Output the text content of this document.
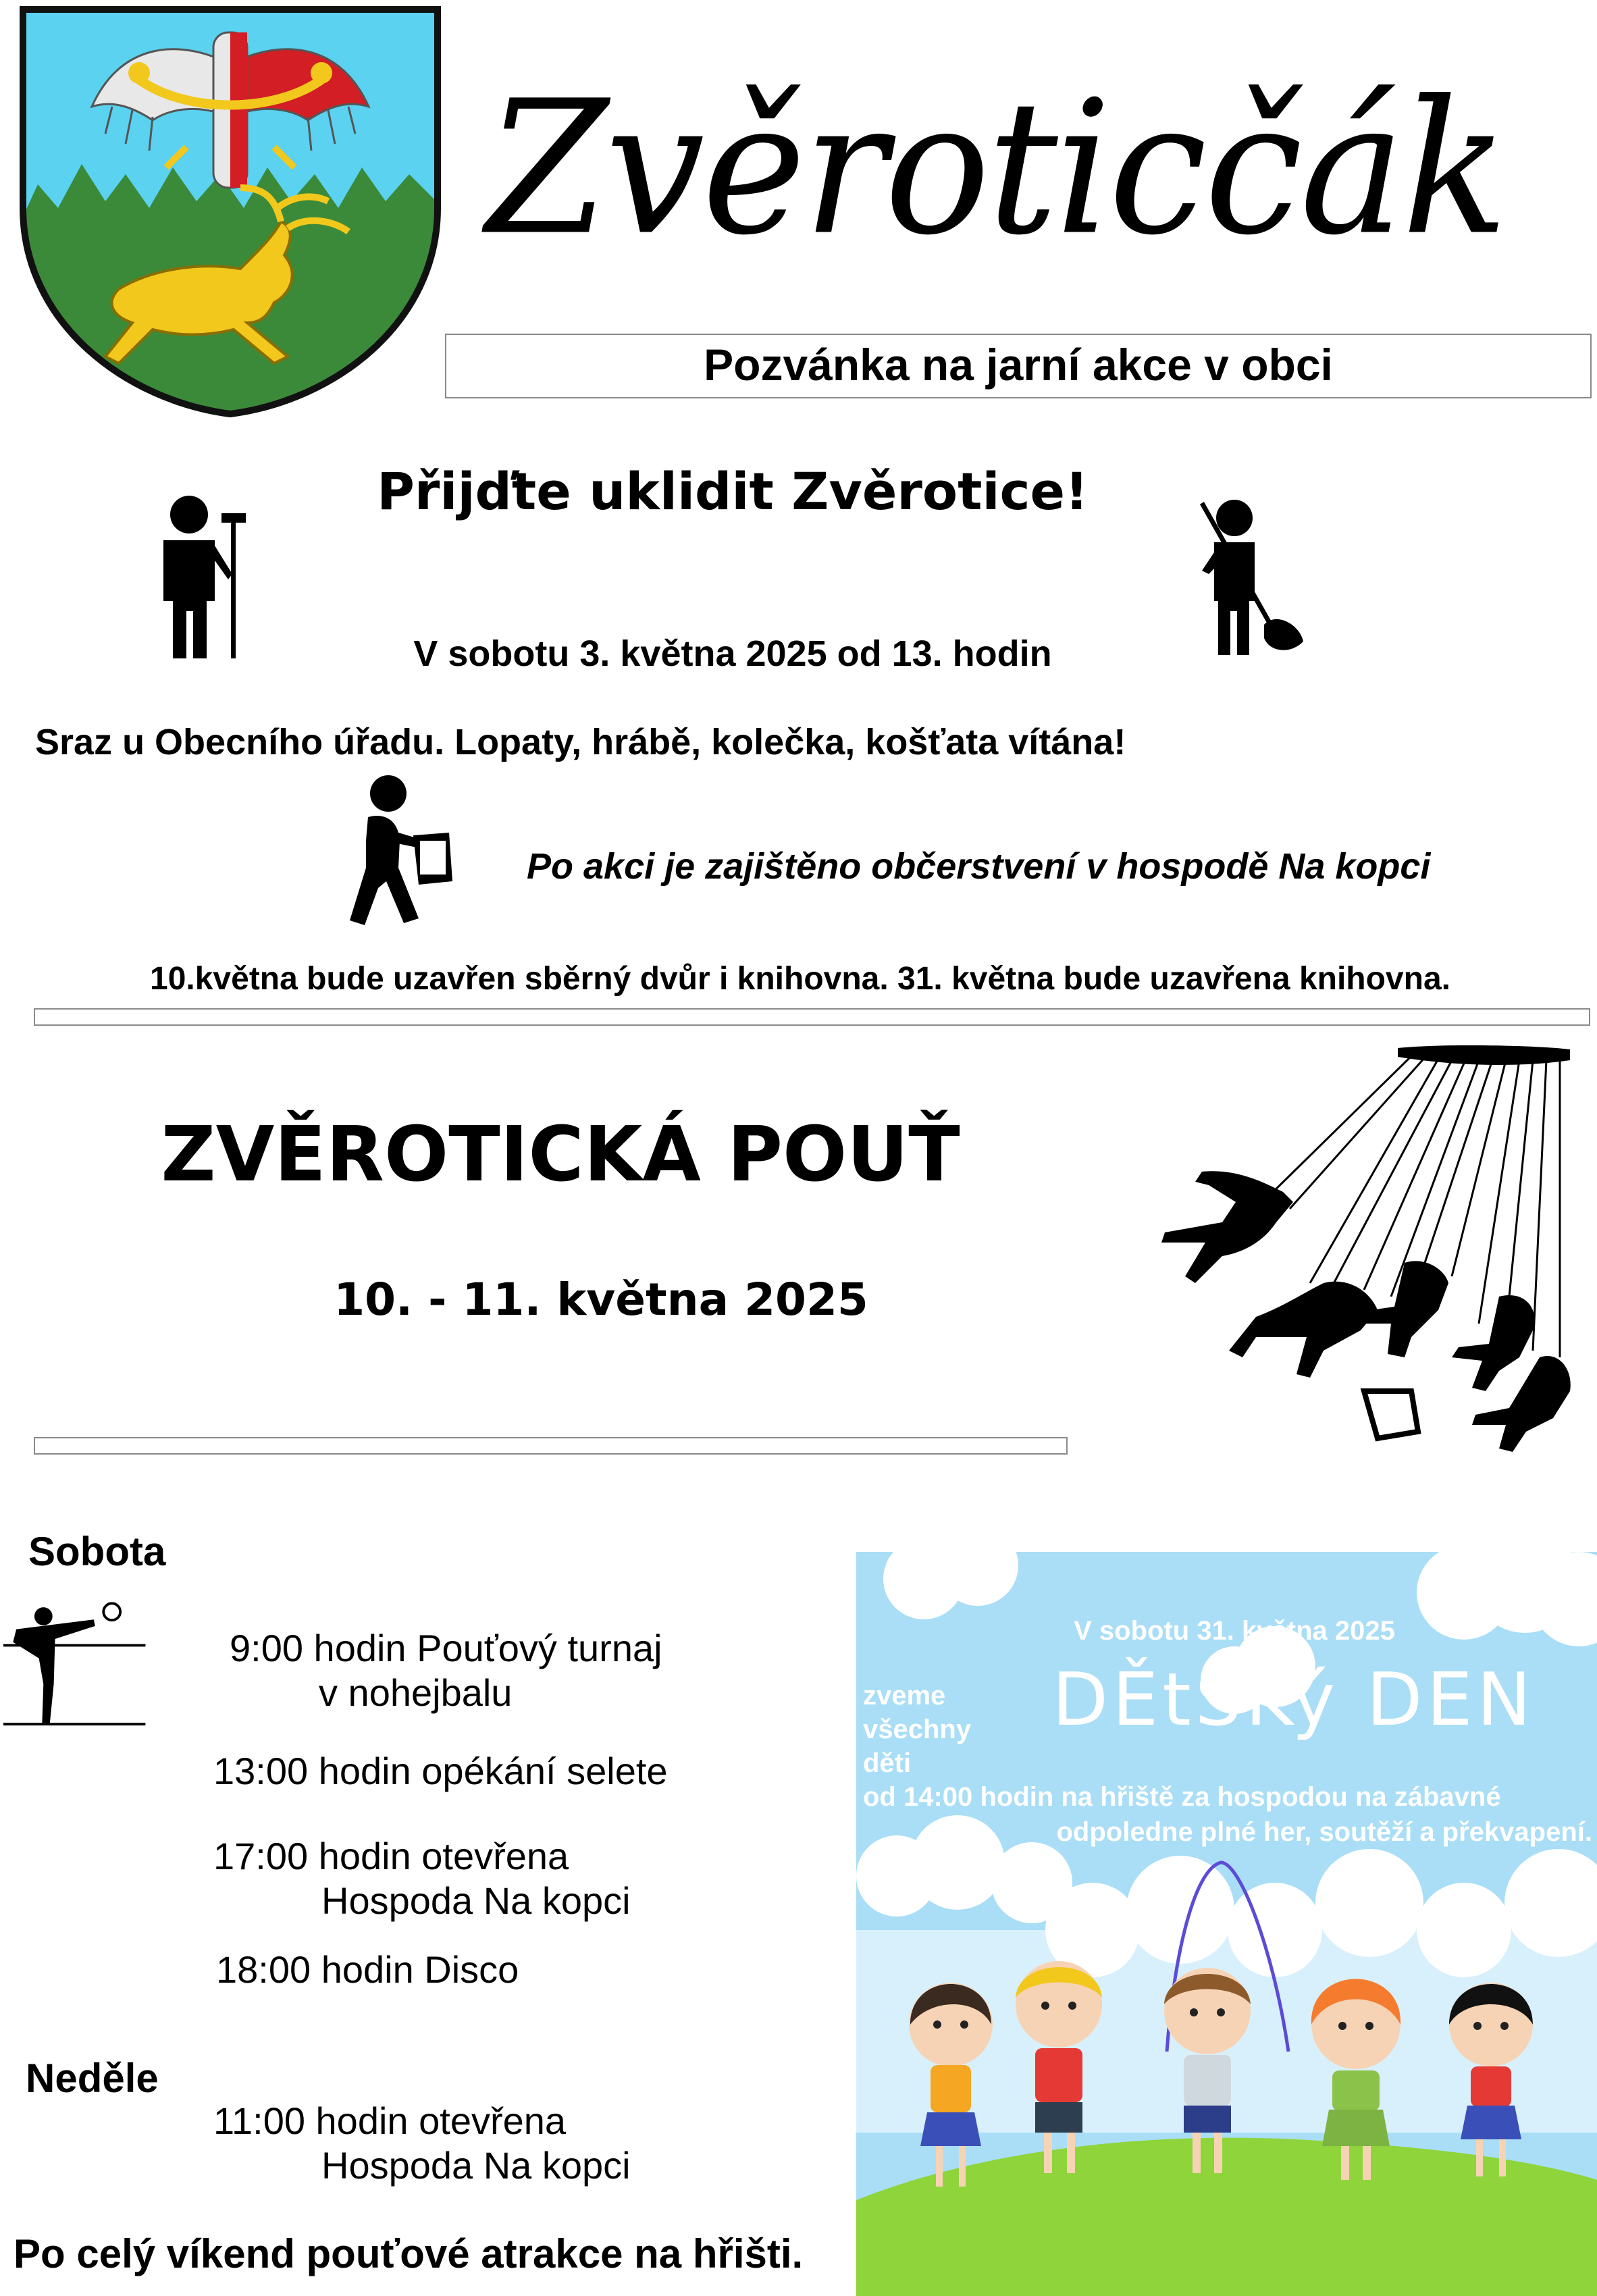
Zvěroticčák
Pozvánka na jarní akce v obci
Přijďte uklidit Zvěrotice!
V sobotu 3. května 2025 od 13. hodin
Sraz u Obecního úřadu. Lopaty, hrábě, kolečka, košťata vítána!
Po akci je zajištěno občerstvení v hospodě Na kopci
10.května bude uzavřen sběrný dvůr i knihovna. 31. května bude uzavřena knihovna.
ZVĚROTICKÁ POUŤ
10. - 11. května 2025
Sobota
9:00 hodin Pouťový turnaj
v nohejbalu
13:00 hodin opékání selete
17:00 hodin otevřena
Hospoda Na kopci
18:00 hodin Disco
Neděle
11:00 hodin otevřena
Hospoda Na kopci
Po celý víkend pouťové atrakce na hřišti.
V sobotu 31. května 2025
DĚtSKý DEN
zveme
všechny
děti
od 14:00 hodin na hřiště za hospodou na zábavné
odpoledne plné her, soutěží a překvapení.
